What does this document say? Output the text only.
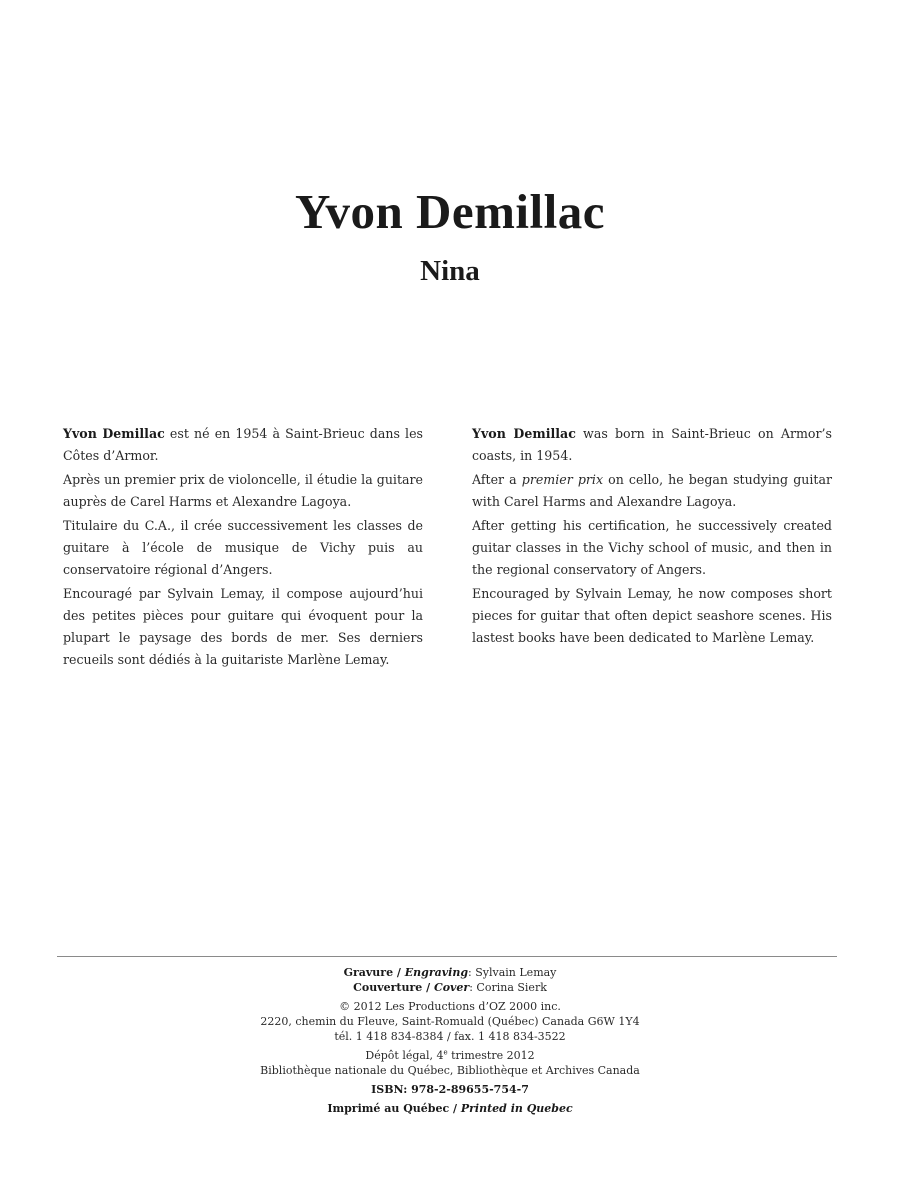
Yvon Demillac
Nina

Yvon Demillac est né en 1954 à Saint-Brieuc dans les Côtes d’Armor.

Après un premier prix de violoncelle, il étudie la guitare auprès de Carel Harms et Alexandre Lagoya.

Titulaire du C.A., il crée successivement les classes de guitare à l’école de musique de Vichy puis au conservatoire régional d’Angers.

Encouragé par Sylvain Lemay, il compose aujourd’hui des petites pièces pour guitare qui évoquent pour la plupart le paysage des bords de mer. Ses derniers recueils sont dédiés à la guitariste Marlène Lemay.

Yvon Demillac was born in Saint-Brieuc on Armor’s coasts, in 1954.

After a premier prix on cello, he began studying guitar with Carel Harms and Alexandre Lagoya.

After getting his certification, he successively created guitar classes in the Vichy school of music, and then in the regional conservatory of Angers.

Encouraged by Sylvain Lemay, he now composes short pieces for guitar that often depict seashore scenes. His lastest books have been dedicated to Marlène Lemay.

Gravure / Engraving: Sylvain Lemay
Couverture / Cover: Corina Sierk
© 2012 Les Productions d’OZ 2000 inc.
2220, chemin du Fleuve, Saint-Romuald (Québec) Canada G6W 1Y4
tél. 1 418 834-8384 / fax. 1 418 834-3522
Dépôt légal, 4e trimestre 2012
Bibliothèque nationale du Québec, Bibliothèque et Archives Canada
ISBN: 978-2-89655-754-7
Imprimé au Québec / Printed in Quebec
